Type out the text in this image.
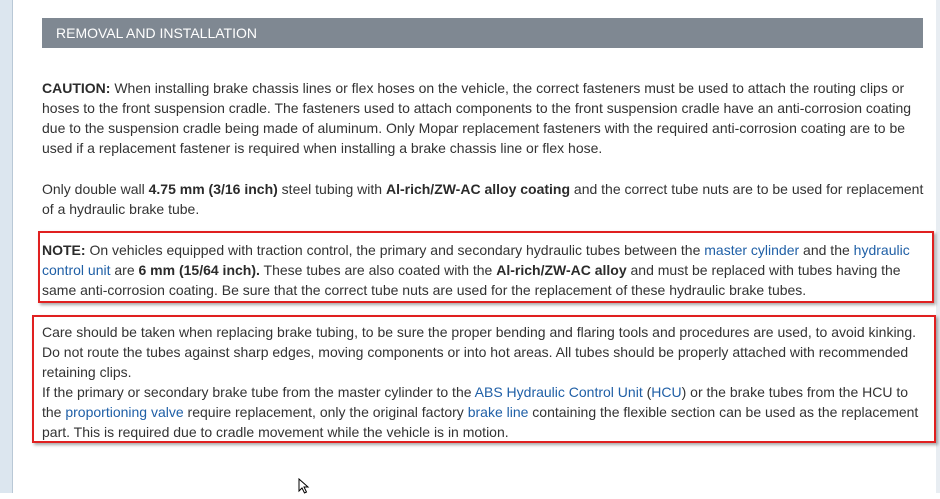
REMOVAL AND INSTALLATION

CAUTION: When installing brake chassis lines or flex hoses on the vehicle, the correct fasteners must be used to attach the routing clips or hoses to the front suspension cradle. The fasteners used to attach components to the front suspension cradle have an anti-corrosion coating due to the suspension cradle being made of aluminum. Only Mopar replacement fasteners with the required anti-corrosion coating are to be used if a replacement fastener is required when installing a brake chassis line or flex hose.

Only double wall 4.75 mm (3/16 inch) steel tubing with Al-rich/ZW-AC alloy coating and the correct tube nuts are to be used for replacement of a hydraulic brake tube.

NOTE: On vehicles equipped with traction control, the primary and secondary hydraulic tubes between the master cylinder and the hydraulic control unit are 6 mm (15/64 inch). These tubes are also coated with the Al-rich/ZW-AC alloy and must be replaced with tubes having the same anti-corrosion coating. Be sure that the correct tube nuts are used for the replacement of these hydraulic brake tubes.

Care should be taken when replacing brake tubing, to be sure the proper bending and flaring tools and procedures are used, to avoid kinking. Do not route the tubes against sharp edges, moving components or into hot areas. All tubes should be properly attached with recommended retaining clips.
If the primary or secondary brake tube from the master cylinder to the ABS Hydraulic Control Unit (HCU) or the brake tubes from the HCU to the proportioning valve require replacement, only the original factory brake line containing the flexible section can be used as the replacement part. This is required due to cradle movement while the vehicle is in motion.
